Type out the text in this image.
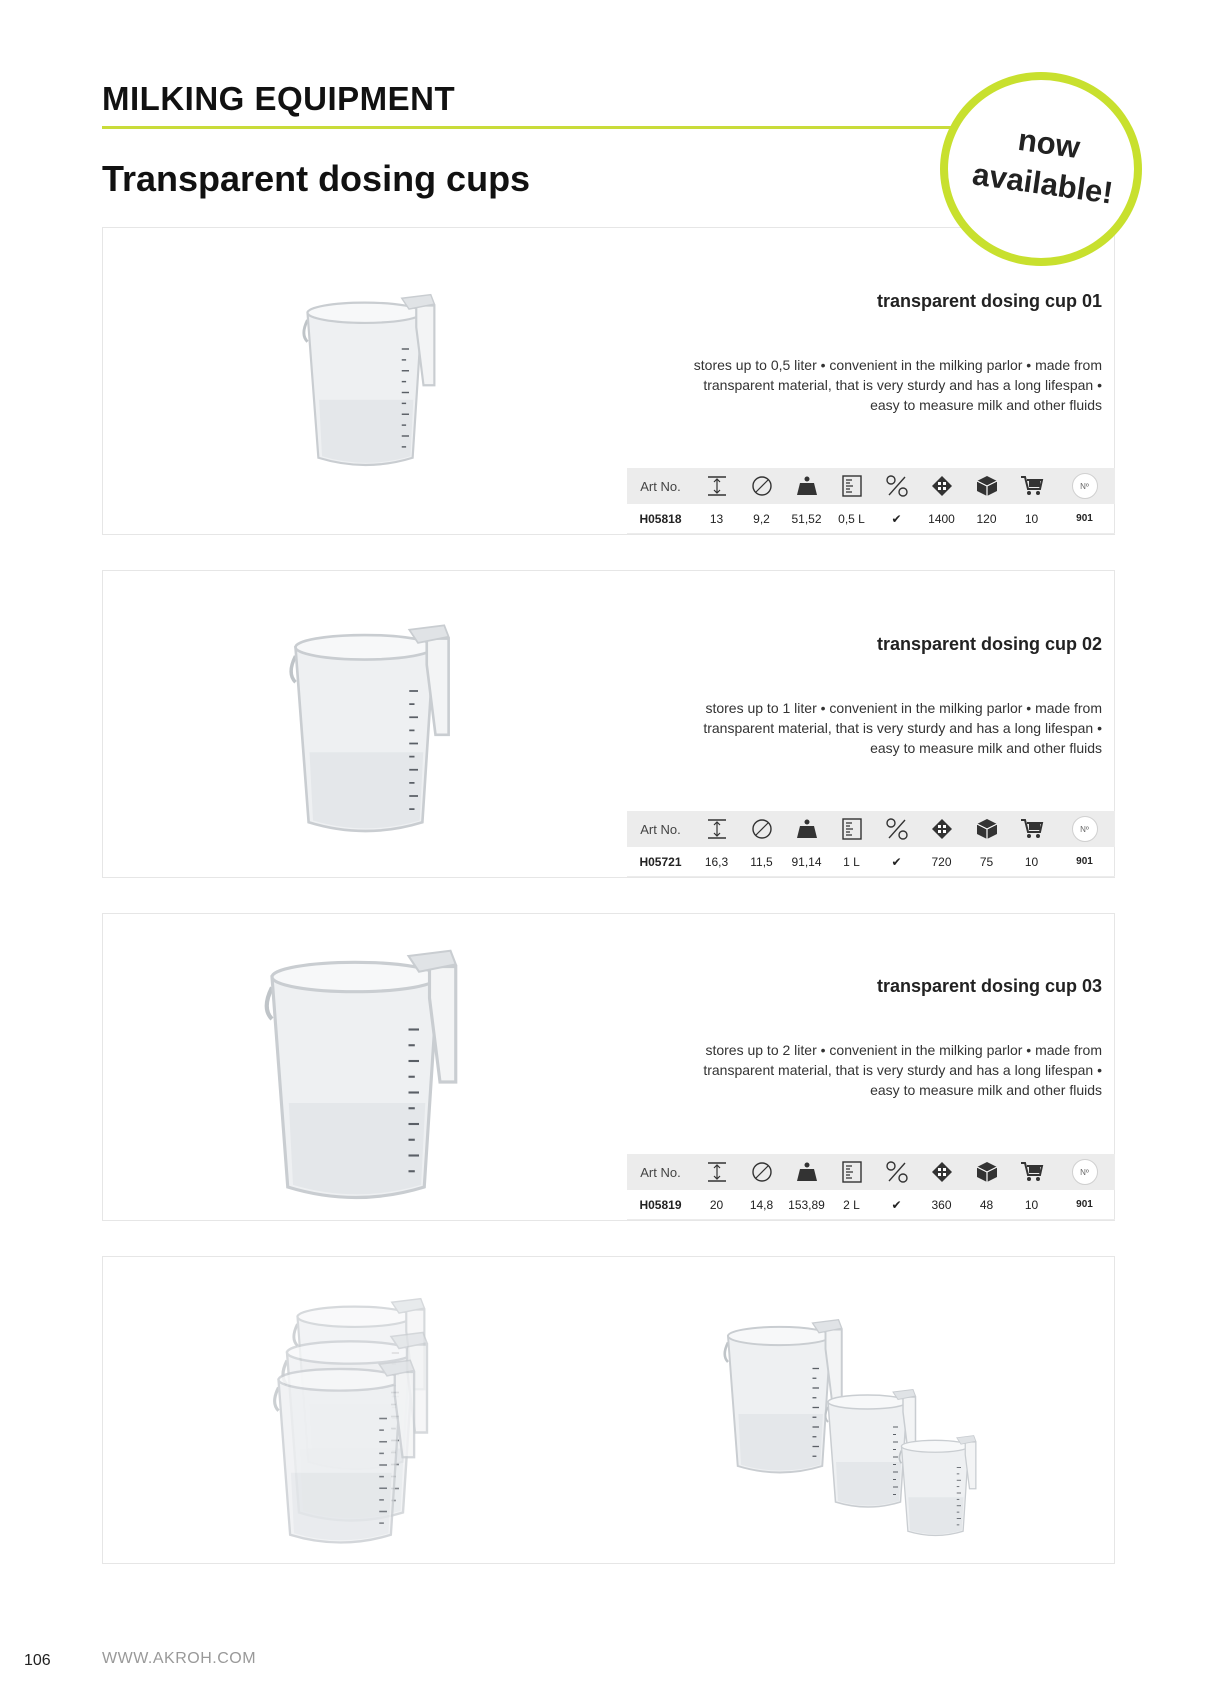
MILKING EQUIPMENT
Transparent dosing cups
now
available!
transparent dosing cup 01
stores up to 0,5 liter • convenient in the milking parlor • made from
transparent material, that is very sturdy and has a long lifespan •
easy to measure milk and other fluids
Art No.	Nº
H05818	13	9,2	51,52	0,5 L	✔	1400	120	10	901
transparent dosing cup 02
stores up to 1 liter • convenient in the milking parlor • made from
transparent material, that is very sturdy and has a long lifespan •
easy to measure milk and other fluids
Art No.	Nº
H05721	16,3	11,5	91,14	1 L	✔	720	75	10	901
transparent dosing cup 03
stores up to 2 liter • convenient in the milking parlor • made from
transparent material, that is very sturdy and has a long lifespan •
easy to measure milk and other fluids
Art No.	Nº
H05819	20	14,8	153,89	2 L	✔	360	48	10	901
106	WWW.AKROH.COM
